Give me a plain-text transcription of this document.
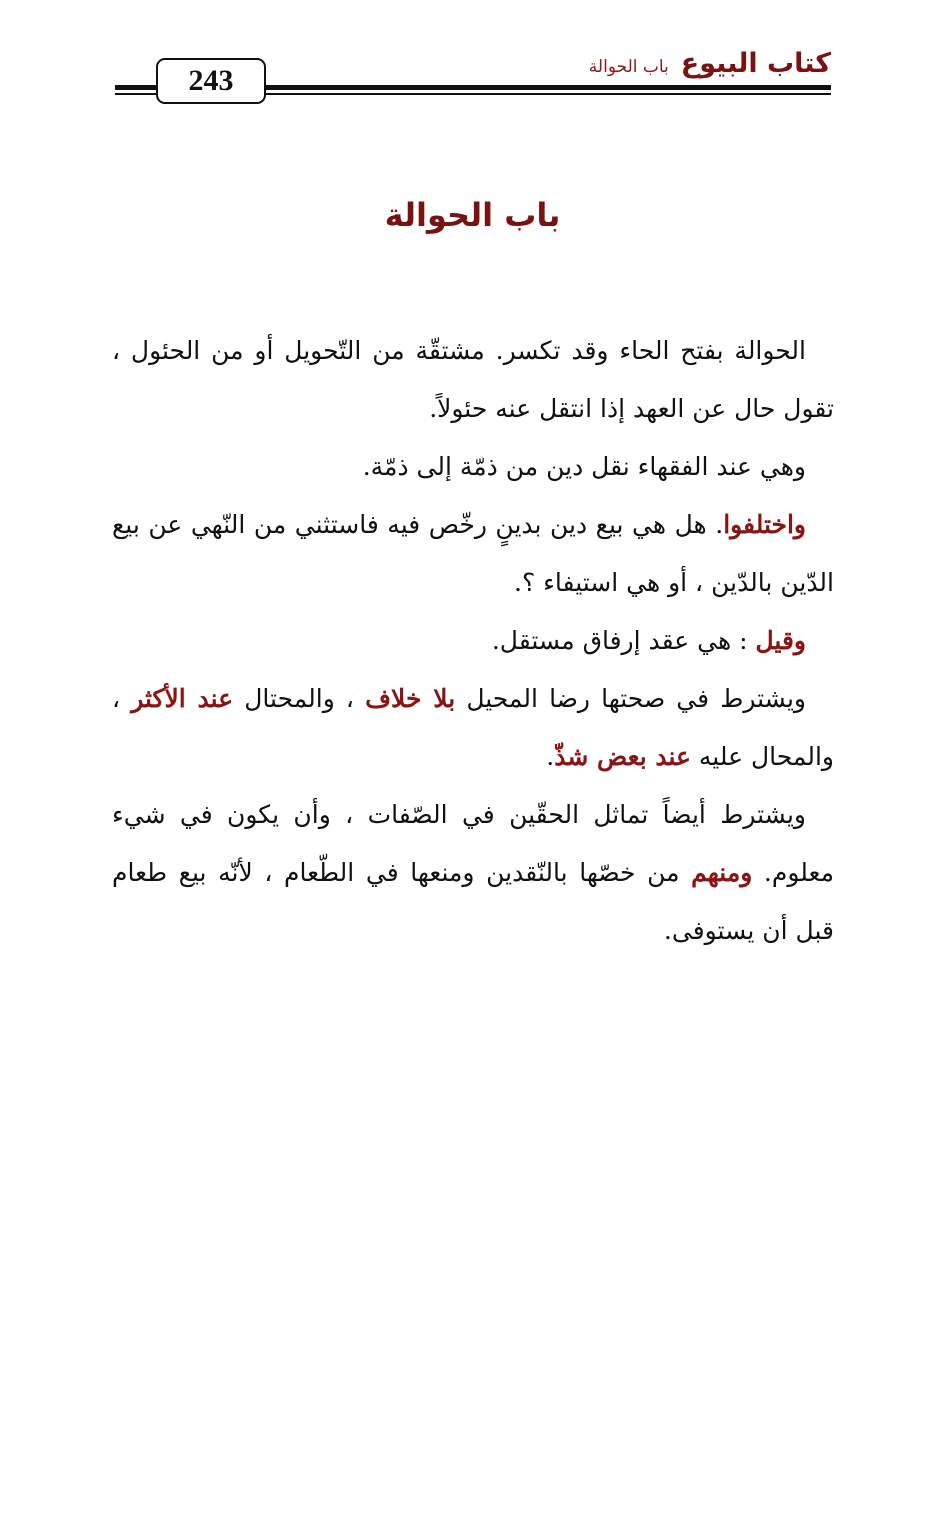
243
كتاب البيوع
باب الحوالة
باب الحوالة

الحوالة بفتح الحاء وقد تكسر. مشتقّة من التّحويل أو من الحئول ، تقول حال عن العهد إذا انتقل عنه حئولاً.

وهي عند الفقهاء نقل دين من ذمّة إلى ذمّة.

واختلفوا. هل هي بيع دين بدينٍ رخّص فيه فاستثني من النّهي عن بيع الدّين بالدّين ، أو هي استيفاء ؟.

وقيل : هي عقد إرفاق مستقل.

ويشترط في صحتها رضا المحيل بلا خلاف ، والمحتال عند الأكثر ، والمحال عليه عند بعض شذّ.

ويشترط أيضاً تماثل الحقّين في الصّفات ، وأن يكون في شيء معلوم. ومنهم من خصّها بالنّقدين ومنعها في الطّعام ، لأنّه بيع طعام قبل أن يستوفى.
